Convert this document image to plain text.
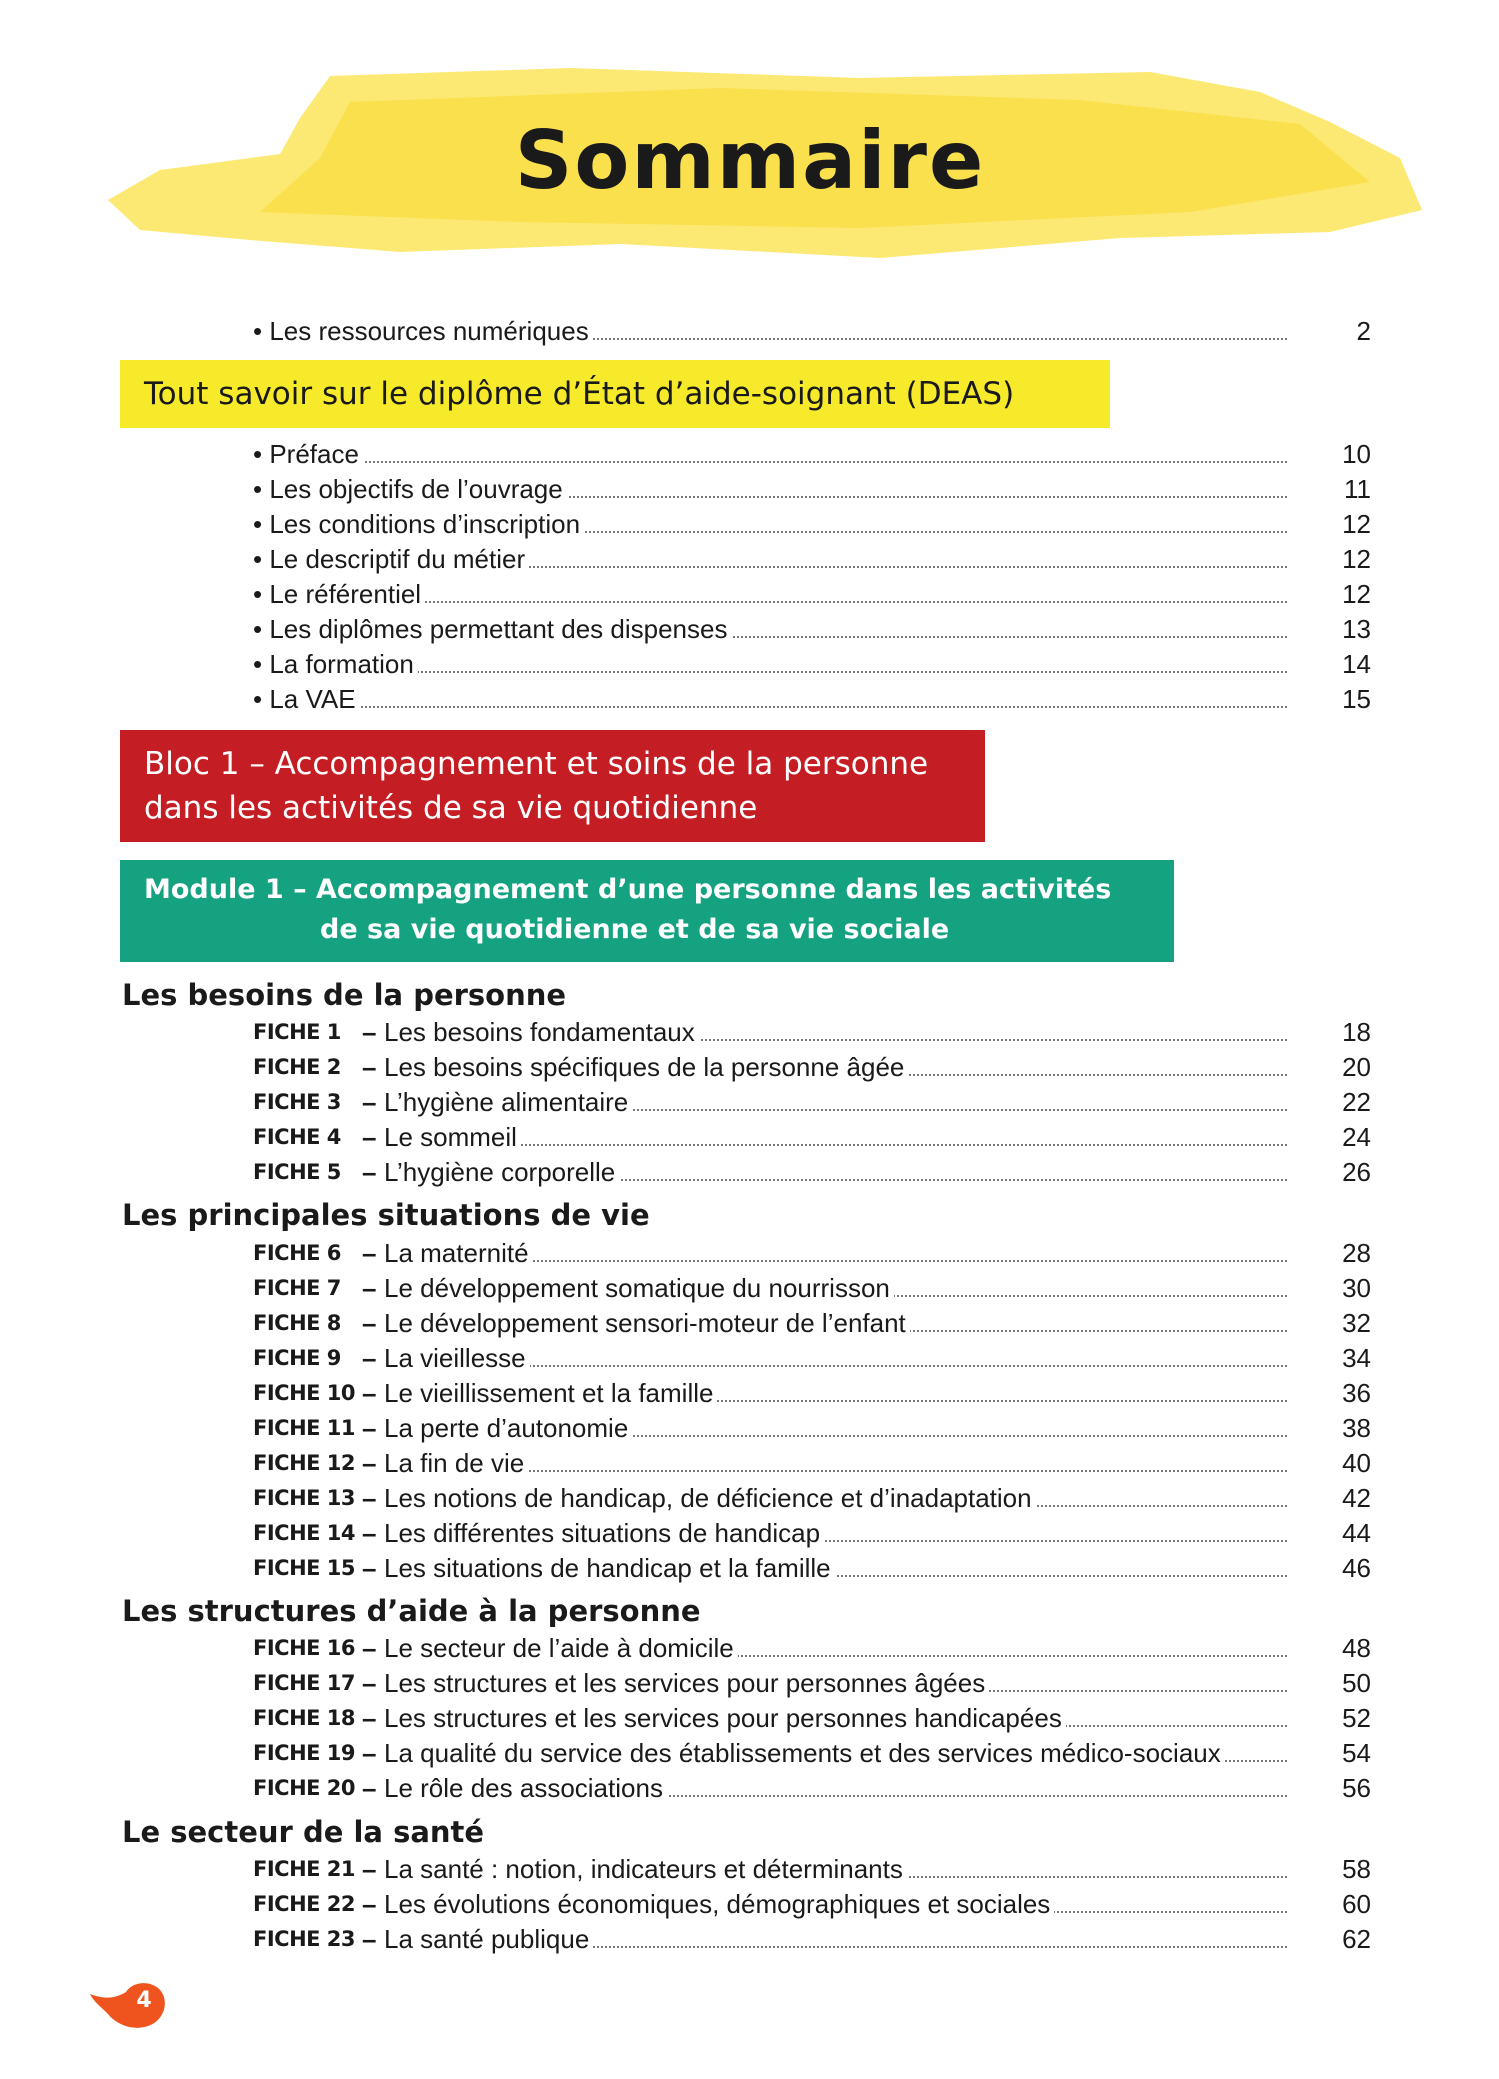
Sommaire
• Les ressources numériques	2
Tout savoir sur le diplôme d’État d’aide-soignant (DEAS)
• Préface	10
• Les objectifs de l’ouvrage	11
• Les conditions d’inscription	12
• Le descriptif du métier	12
• Le référentiel	12
• Les diplômes permettant des dispenses	13
• La formation	14
• La VAE	15
Bloc 1 – Accompagnement et soins de la personne
dans les activités de sa vie quotidienne
Module 1 – Accompagnement d’une personne dans les activités
de sa vie quotidienne et de sa vie sociale
Les besoins de la personne
FICHE 1 – Les besoins fondamentaux	18
FICHE 2 – Les besoins spécifiques de la personne âgée	20
FICHE 3 – L’hygiène alimentaire	22
FICHE 4 – Le sommeil	24
FICHE 5 – L’hygiène corporelle	26
Les principales situations de vie
FICHE 6 – La maternité	28
FICHE 7 – Le développement somatique du nourrisson	30
FICHE 8 – Le développement sensori-moteur de l’enfant	32
FICHE 9 – La vieillesse	34
FICHE 10 – Le vieillissement et la famille	36
FICHE 11 – La perte d’autonomie	38
FICHE 12 – La fin de vie	40
FICHE 13 – Les notions de handicap, de déficience et d’inadaptation	42
FICHE 14 – Les différentes situations de handicap	44
FICHE 15 – Les situations de handicap et la famille	46
Les structures d’aide à la personne
FICHE 16 – Le secteur de l’aide à domicile	48
FICHE 17 – Les structures et les services pour personnes âgées	50
FICHE 18 – Les structures et les services pour personnes handicapées	52
FICHE 19 – La qualité du service des établissements et des services médico-sociaux	54
FICHE 20 – Le rôle des associations	56
Le secteur de la santé
FICHE 21 – La santé : notion, indicateurs et déterminants	58
FICHE 22 – Les évolutions économiques, démographiques et sociales	60
FICHE 23 – La santé publique	62
4
